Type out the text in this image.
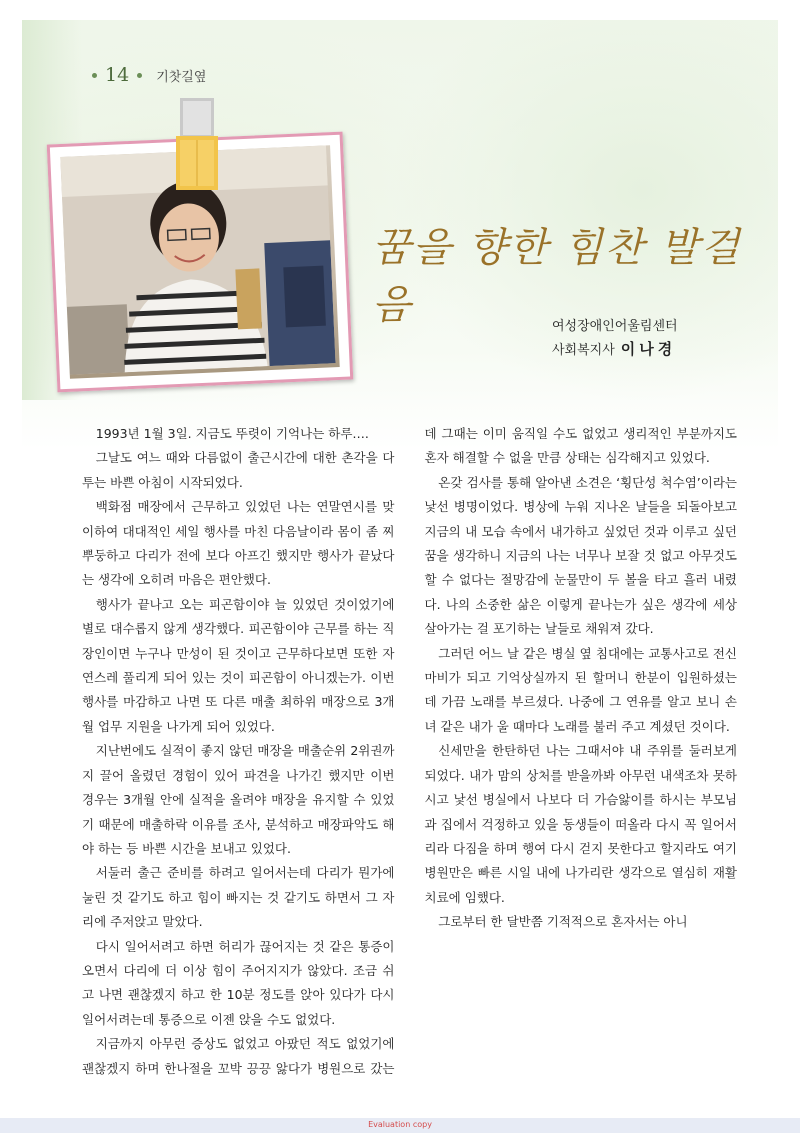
14 기찻길옆
꿈을 향한 힘찬 발걸음	여성장애인어울림센터
사회복지사 이나경

1993년 1월 3일. 지금도 뚜렷이 기억나는 하루….

그날도 여느 때와 다름없이 출근시간에 대한 촌각을 다투는 바쁜 아침이 시작되었다.

백화점 매장에서 근무하고 있었던 나는 연말연시를 맞이하여 대대적인 세일 행사를 마친 다음날이라 몸이 좀 찌뿌둥하고 다리가 전에 보다 아프긴 했지만 행사가 끝났다는 생각에 오히려 마음은 편안했다.

행사가 끝나고 오는 피곤함이야 늘 있었던 것이었기에 별로 대수롭지 않게 생각했다. 피곤함이야 근무를 하는 직장인이면 누구나 만성이 된 것이고 근무하다보면 또한 자연스레 풀리게 되어 있는 것이 피곤함이 아니겠는가. 이번 행사를 마감하고 나면 또 다른 매출 최하위 매장으로 3개월 업무 지원을 나가게 되어 있었다.

지난번에도 실적이 좋지 않던 매장을 매출순위 2위권까지 끌어 올렸던 경험이 있어 파견을 나가긴 했지만 이번 경우는 3개월 안에 실적을 올려야 매장을 유지할 수 있었기 때문에 매출하락 이유를 조사, 분석하고 매장파악도 해야 하는 등 바쁜 시간을 보내고 있었다.

서둘러 출근 준비를 하려고 일어서는데 다리가 뭔가에 눌린 것 같기도 하고 힘이 빠지는 것 같기도 하면서 그 자리에 주저앉고 말았다.

다시 일어서려고 하면 허리가 끊어지는 것 같은 통증이 오면서 다리에 더 이상 힘이 주어지지가 않았다. 조금 쉬고 나면 괜찮겠지 하고 한 10분 정도를 앉아 있다가 다시 일어서려는데 통증으로 이젠 앉을 수도 없었다.

지금까지 아무런 증상도 없었고 아팠던 적도 없었기에 괜찮겠지 하며 한나절을 꼬박 끙끙 앓다가 병원으로 갔는데 그때는 이미 움직일 수도 없었고 생리적인 부분까지도 혼자 해결할 수 없을 만큼 상태는 심각해지고 있었다.

온갖 검사를 통해 알아낸 소견은 ‘횡단성 척수염’이라는 낯선 병명이었다. 병상에 누워 지나온 날들을 되돌아보고 지금의 내 모습 속에서 내가하고 싶었던 것과 이루고 싶던 꿈을 생각하니 지금의 나는 너무나 보잘 것 없고 아무것도 할 수 없다는 절망감에 눈물만이 두 볼을 타고 흘러 내렸다. 나의 소중한 삶은 이렇게 끝나는가 싶은 생각에 세상 살아가는 걸 포기하는 날들로 채워져 갔다.

그러던 어느 날 같은 병실 옆 침대에는 교통사고로 전신마비가 되고 기억상실까지 된 할머니 한분이 입원하셨는데 가끔 노래를 부르셨다. 나중에 그 연유를 알고 보니 손녀 같은 내가 울 때마다 노래를 불러 주고 계셨던 것이다.

신세만을 한탄하던 나는 그때서야 내 주위를 둘러보게 되었다. 내가 맘의 상처를 받을까봐 아무런 내색조차 못하시고 낯선 병실에서 나보다 더 가슴앓이를 하시는 부모님과 집에서 걱정하고 있을 동생들이 떠올라 다시 꼭 일어서리라 다짐을 하며 행여 다시 걷지 못한다고 할지라도 여기 병원만은 빠른 시일 내에 나가리란 생각으로 열심히 재활치료에 임했다.

그로부터 한 달반쯤 기적적으로 혼자서는 아니

Evaluation copy
